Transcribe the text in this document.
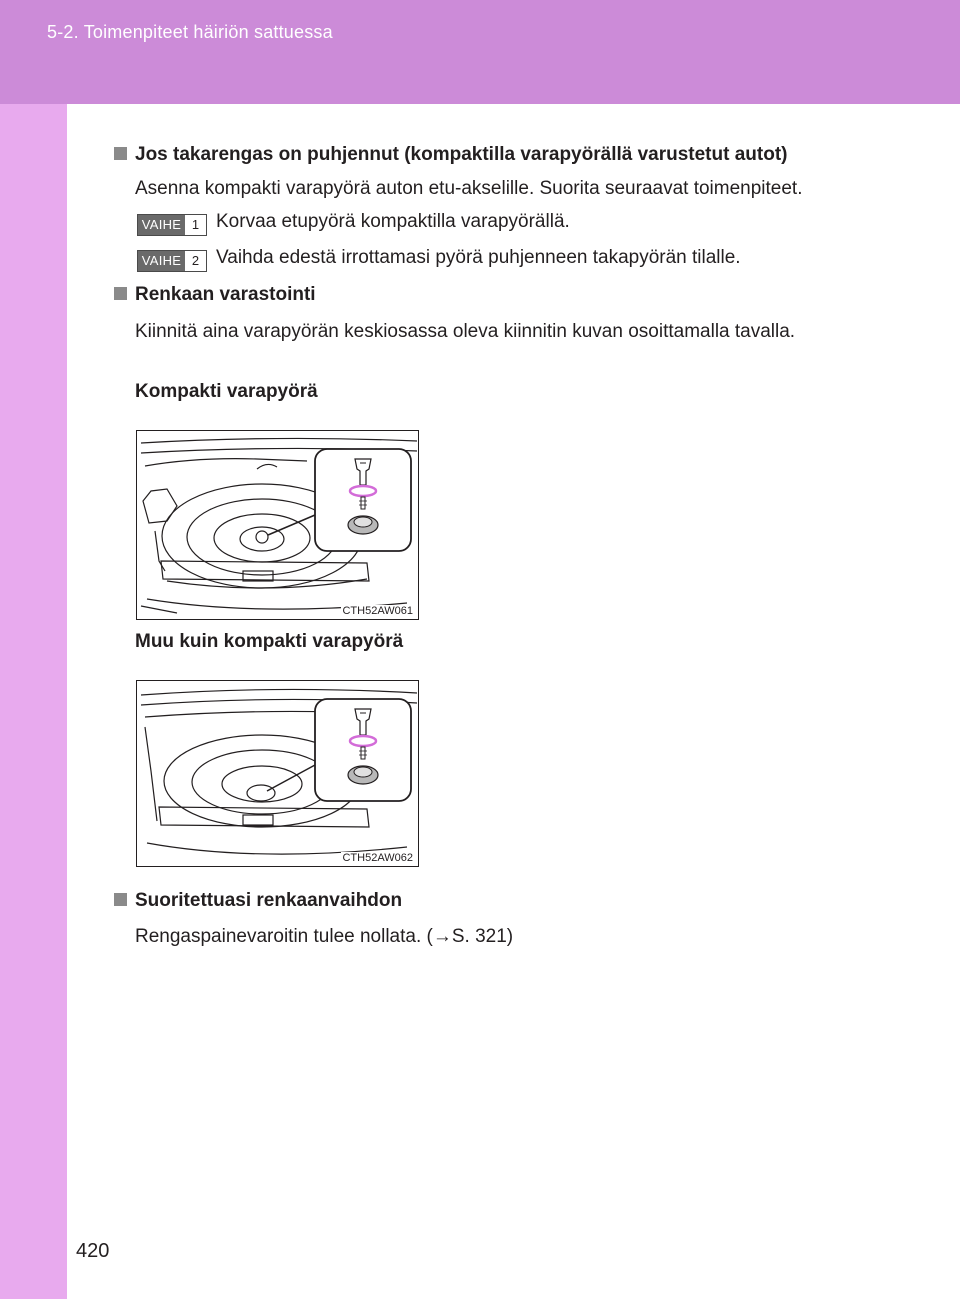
5-2. Toimenpiteet häiriön sattuessa
Jos takarengas on puhjennut (kompaktilla varapyörällä varustetut autot)
Asenna kompakti varapyörä auton etu-akselille. Suorita seuraavat toimenpiteet.
VAIHE 1 Korvaa etupyörä kompaktilla varapyörällä.
VAIHE 2 Vaihda edestä irrottamasi pyörä puhjenneen takapyörän tilalle.
Renkaan varastointi
Kiinnitä aina varapyörän keskiosassa oleva kiinnitin kuvan osoittamalla tavalla.
Kompakti varapyörä
CTH52AW061
Muu kuin kompakti varapyörä
CTH52AW062
Suoritettuasi renkaanvaihdon
Rengaspainevaroitin tulee nollata. (→S. 321)
420
